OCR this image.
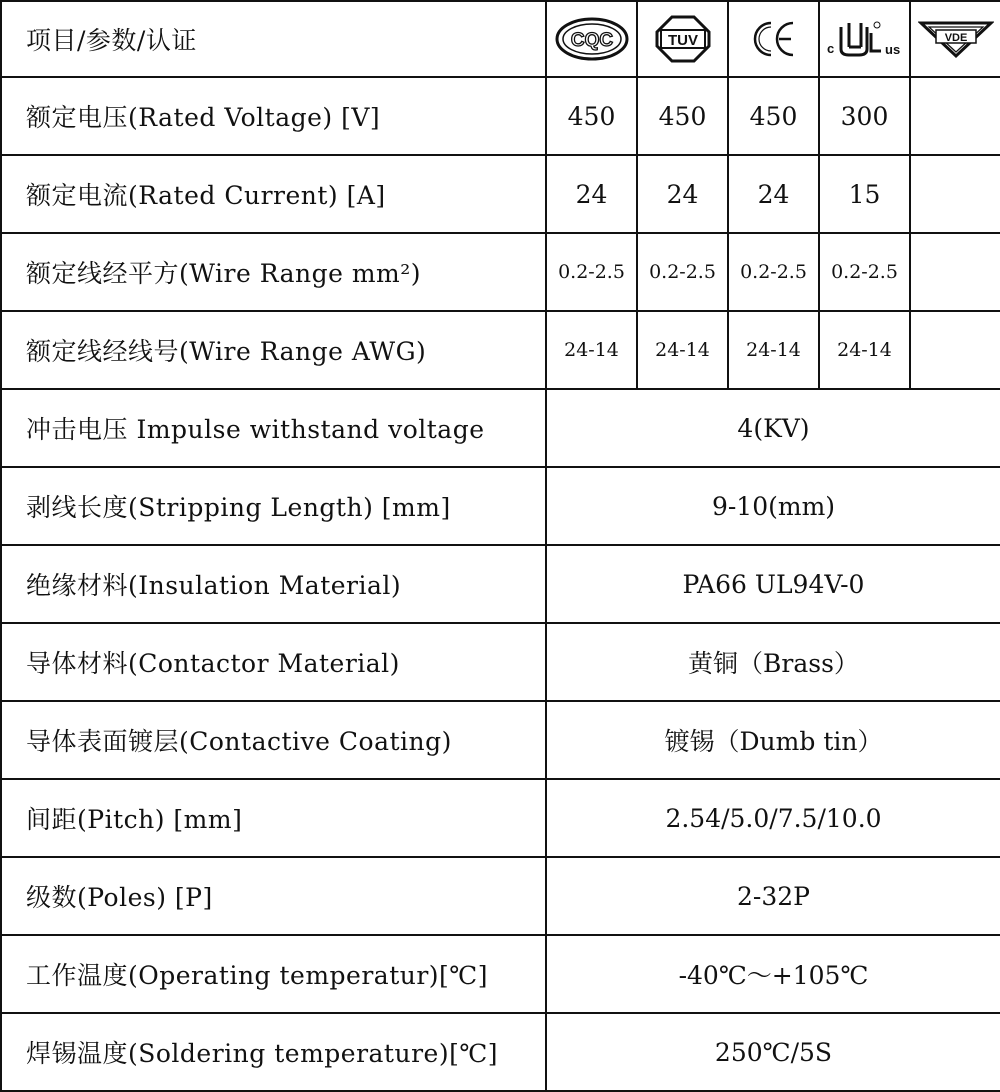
项目/参数/认证	CQC	TUV		c us	VDE

额定电压(Rated Voltage) [V]	450	450	450	300	
额定电流(Rated Current) [A]	24	24	24	15	
额定线经平方(Wire Range mm²)	0.2-2.5	0.2-2.5	0.2-2.5	0.2-2.5	
额定线经线号(Wire Range AWG)	24-14	24-14	24-14	24-14	
冲击电压 Impulse withstand voltage	4(KV)				
剥线长度(Stripping Length) [mm]	9-10(mm)				
绝缘材料(Insulation Material)	PA66 UL94V-0				
导体材料(Contactor Material)	黄铜（Brass）				
导体表面镀层(Contactive Coating)	镀锡（Dumb tin）				
间距(Pitch) [mm]	2.54/5.0/7.5/10.0				
级数(Poles) [P]	2-32P				
工作温度(Operating temperatur)[℃]	-40℃～+105℃				
焊锡温度(Soldering temperature)[℃]	250℃/5S				
